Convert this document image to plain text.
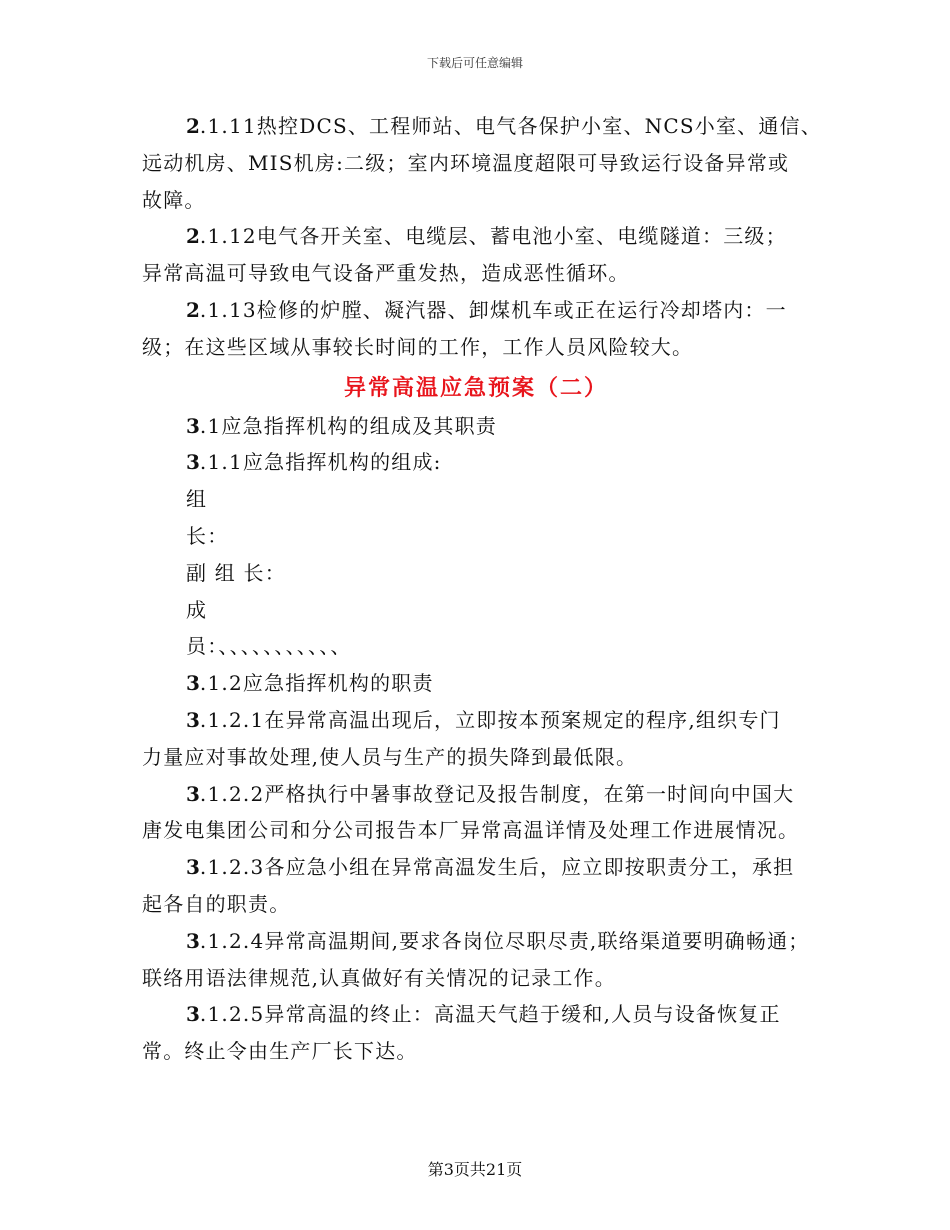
下载后可任意编辑
2.1.11热控DCS、工程师站、电气各保护小室、NCS小室、通信、
远动机房、MIS机房:二级；室内环境温度超限可导致运行设备异常或
故障。
2.1.12电气各开关室、电缆层、蓄电池小室、电缆隧道：三级；
异常高温可导致电气设备严重发热，造成恶性循环。
2.1.13检修的炉膛、凝汽器、卸煤机车或正在运行冷却塔内：一
级；在这些区域从事较长时间的工作，工作人员风险较大。
异常高温应急预案（二）
3.1应急指挥机构的组成及其职责
3.1.1应急指挥机构的组成:
组
长：
副 组 长：
成
员：、、、、、、、、、、、
3.1.2应急指挥机构的职责
3.1.2.1在异常高温出现后，立即按本预案规定的程序,组织专门
力量应对事故处理,使人员与生产的损失降到最低限。
3.1.2.2严格执行中暑事故登记及报告制度，在第一时间向中国大
唐发电集团公司和分公司报告本厂异常高温详情及处理工作进展情况。
3.1.2.3各应急小组在异常高温发生后，应立即按职责分工，承担
起各自的职责。
3.1.2.4异常高温期间,要求各岗位尽职尽责,联络渠道要明确畅通；
联络用语法律规范,认真做好有关情况的记录工作。
3.1.2.5异常高温的终止：高温天气趋于缓和,人员与设备恢复正
常。终止令由生产厂长下达。
第3页共21页
